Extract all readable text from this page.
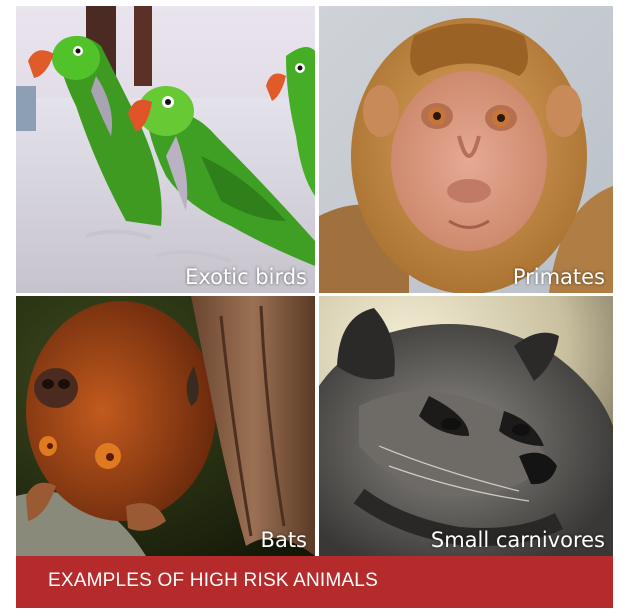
Exotic birds	Primates
Bats	Small carnivores
EXAMPLES OF HIGH RISK ANIMALS
